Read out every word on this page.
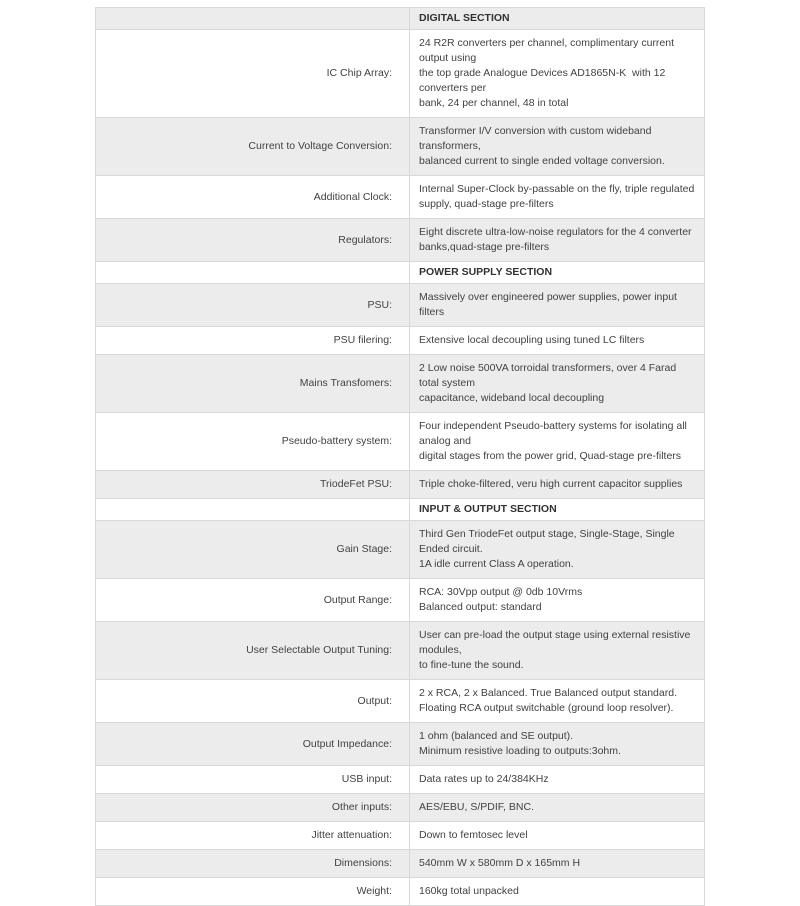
	DIGITAL SECTION
IC Chip Array:	24 R2R converters per channel, complimentary current output using
the top grade Analogue Devices AD1865N-K  with 12 converters per
bank, 24 per channel, 48 in total

Current to Voltage Conversion:	Transformer I/V conversion with custom wideband transformers,
balanced current to single ended voltage conversion.

Additional Clock:	Internal Super-Clock by-passable on the fly, triple regulated
supply, quad-stage pre-filters

Regulators:	Eight discrete ultra-low-noise regulators for the 4 converter
banks,quad-stage pre-filters

	POWER SUPPLY SECTION
PSU:	Massively over engineered power supplies, power input filters

PSU filering:	Extensive local decoupling using tuned LC filters

Mains Transfomers:	2 Low noise 500VA torroidal transformers, over 4 Farad total system
capacitance, wideband local decoupling

Pseudo-battery system:	Four independent Pseudo-battery systems for isolating all analog and
digital stages from the power grid, Quad-stage pre-filters

TriodeFet PSU:	Triple choke-filtered, veru high current capacitor supplies

	INPUT & OUTPUT SECTION
Gain Stage:	Third Gen TriodeFet output stage, Single-Stage, Single Ended circuit.
1A idle current Class A operation.

Output Range:	RCA: 30Vpp output @ 0db 10Vrms
Balanced output: standard

User Selectable Output Tuning:	User can pre-load the output stage using external resistive modules,
to fine-tune the sound.

Output:	2 x RCA, 2 x Balanced. True Balanced output standard.
Floating RCA output switchable (ground loop resolver).

Output Impedance:	1 ohm (balanced and SE output).
Minimum resistive loading to outputs:3ohm.

USB input:	Data rates up to 24/384KHz

Other inputs:	AES/EBU, S/PDIF, BNC.

Jitter attenuation:	Down to femtosec level

Dimensions:	540mm W x 580mm D x 165mm H

Weight:	160kg total unpacked
